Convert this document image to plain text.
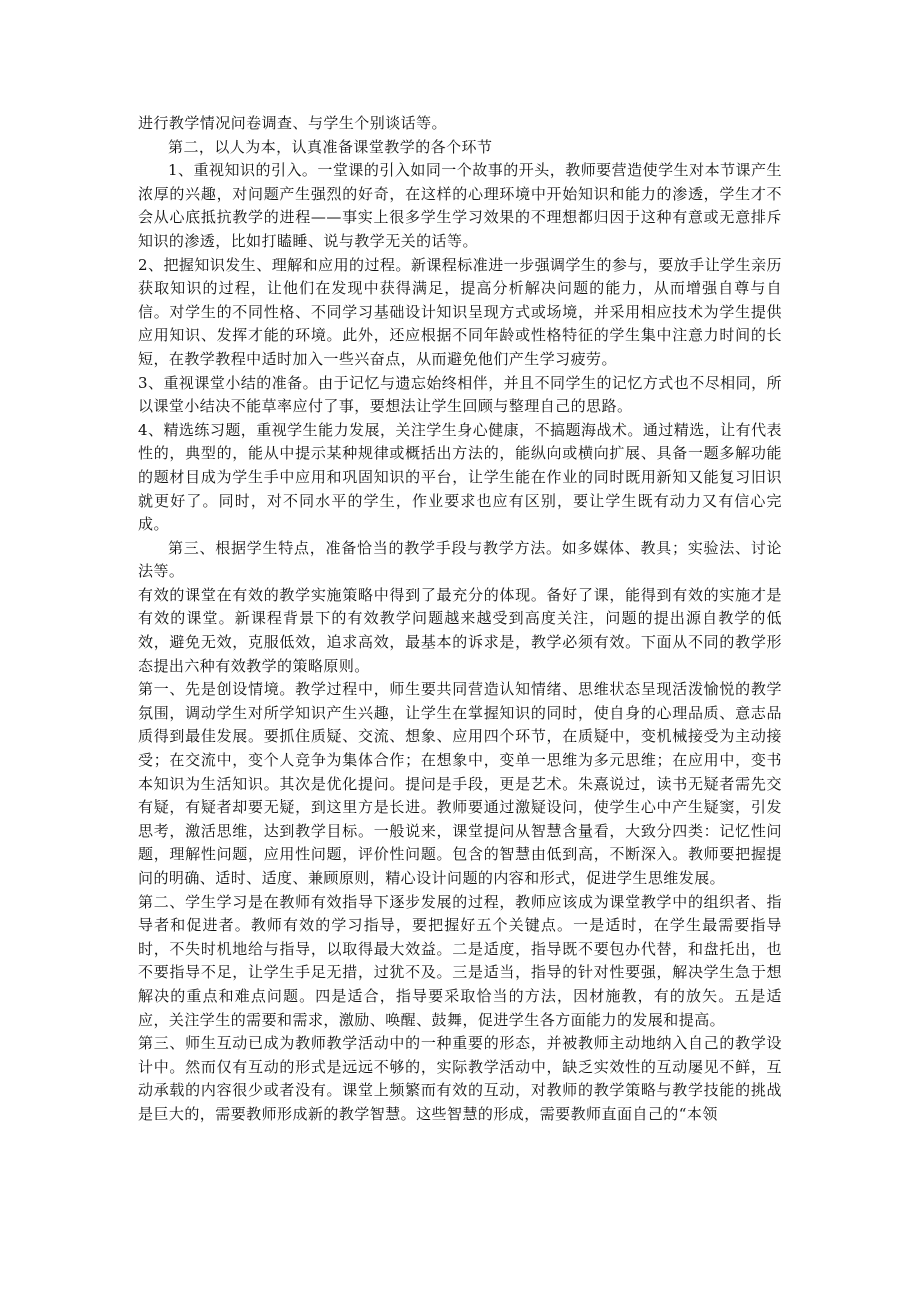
进行教学情况问卷调查、与学生个别谈话等。

第二，以人为本，认真准备课堂教学的各个环节

1、重视知识的引入。一堂课的引入如同一个故事的开头，教师要营造使学生对本节课产生浓厚的兴趣，对问题产生强烈的好奇，在这样的心理环境中开始知识和能力的渗透，学生才不会从心底抵抗教学的进程——事实上很多学生学习效果的不理想都归因于这种有意或无意排斥知识的渗透，比如打瞌睡、说与教学无关的话等。

2、把握知识发生、理解和应用的过程。新课程标准进一步强调学生的参与，要放手让学生亲历获取知识的过程，让他们在发现中获得满足，提高分析解决问题的能力，从而增强自尊与自信。对学生的不同性格、不同学习基础设计知识呈现方式或场境，并采用相应技术为学生提供应用知识、发挥才能的环境。此外，还应根据不同年龄或性格特征的学生集中注意力时间的长短，在教学教程中适时加入一些兴奋点，从而避免他们产生学习疲劳。

3、重视课堂小结的准备。由于记忆与遗忘始终相伴，并且不同学生的记忆方式也不尽相同，所以课堂小结决不能草率应付了事，要想法让学生回顾与整理自己的思路。

4、精选练习题，重视学生能力发展，关注学生身心健康，不搞题海战术。通过精选，让有代表性的，典型的，能从中提示某种规律或概括出方法的，能纵向或横向扩展、具备一题多解功能的题材目成为学生手中应用和巩固知识的平台，让学生能在作业的同时既用新知又能复习旧识就更好了。同时，对不同水平的学生，作业要求也应有区别，要让学生既有动力又有信心完成。

第三、根据学生特点，准备恰当的教学手段与教学方法。如多媒体、教具；实验法、讨论法等。

有效的课堂在有效的教学实施策略中得到了最充分的体现。备好了课，能得到有效的实施才是有效的课堂。新课程背景下的有效教学问题越来越受到高度关注，问题的提出源自教学的低效，避免无效，克服低效，追求高效，最基本的诉求是，教学必须有效。下面从不同的教学形态提出六种有效教学的策略原则。

第一、先是创设情境。教学过程中，师生要共同营造认知情绪、思维状态呈现活泼愉悦的教学氛围，调动学生对所学知识产生兴趣，让学生在掌握知识的同时，使自身的心理品质、意志品质得到最佳发展。要抓住质疑、交流、想象、应用四个环节，在质疑中，变机械接受为主动接受；在交流中，变个人竞争为集体合作；在想象中，变单一思维为多元思维；在应用中，变书本知识为生活知识。其次是优化提问。提问是手段，更是艺术。朱熹说过，读书无疑者需先交有疑，有疑者却要无疑，到这里方是长进。教师要通过激疑设问，使学生心中产生疑窦，引发思考，激活思维，达到教学目标。一般说来，课堂提问从智慧含量看，大致分四类：记忆性问题，理解性问题，应用性问题，评价性问题。包含的智慧由低到高，不断深入。教师要把握提问的明确、适时、适度、兼顾原则，精心设计问题的内容和形式，促进学生思维发展。

第二、学生学习是在教师有效指导下逐步发展的过程，教师应该成为课堂教学中的组织者、指导者和促进者。教师有效的学习指导，要把握好五个关键点。一是适时，在学生最需要指导时，不失时机地给与指导，以取得最大效益。二是适度，指导既不要包办代替，和盘托出，也不要指导不足，让学生手足无措，过犹不及。三是适当，指导的针对性要强，解决学生急于想解决的重点和难点问题。四是适合，指导要采取恰当的方法，因材施教，有的放矢。五是适应，关注学生的需要和需求，激励、唤醒、鼓舞，促进学生各方面能力的发展和提高。

第三、师生互动已成为教师教学活动中的一种重要的形态，并被教师主动地纳入自己的教学设计中。然而仅有互动的形式是远远不够的，实际教学活动中，缺乏实效性的互动屡见不鲜，互动承载的内容很少或者没有。课堂上频繁而有效的互动，对教师的教学策略与教学技能的挑战是巨大的，需要教师形成新的教学智慧。这些智慧的形成，需要教师直面自己的“本领
